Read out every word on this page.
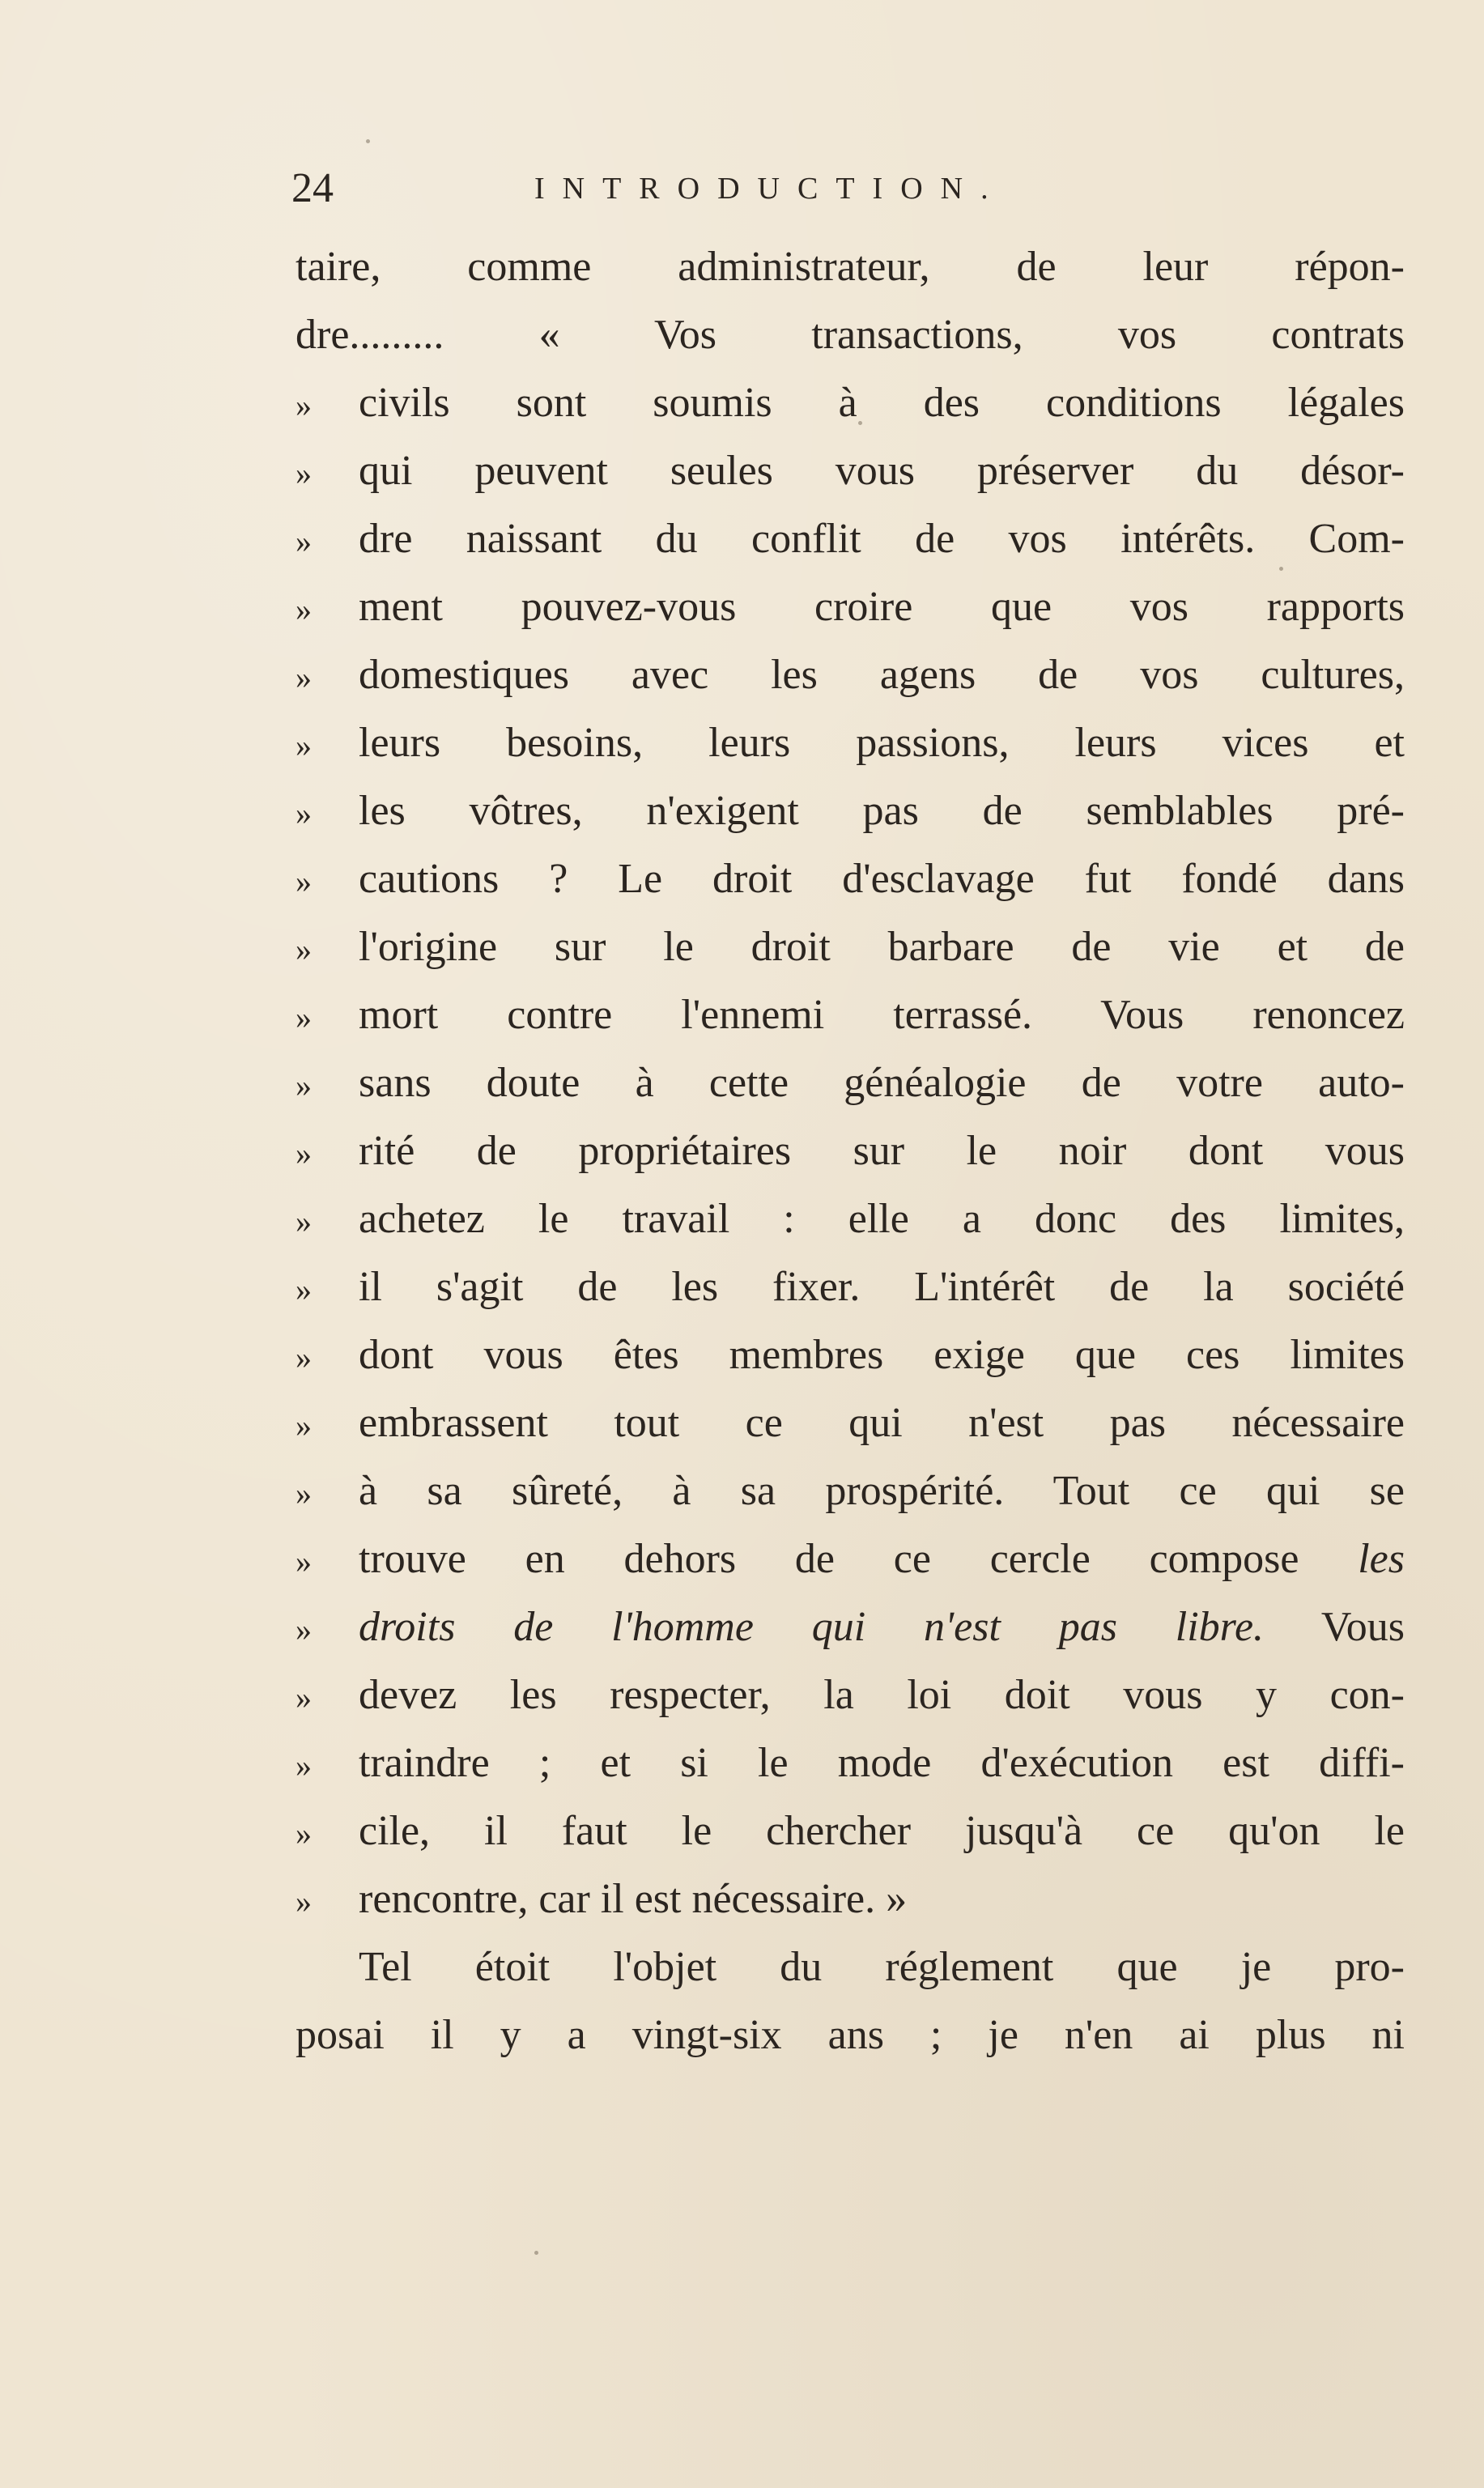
24	INTRODUCTION.
taire, comme administrateur, de leur répon-
dre......... « Vos transactions, vos contrats
»	civils sont soumis à des conditions légales
»	qui peuvent seules vous préserver du désor-
»	dre naissant du conflit de vos intérêts. Com-
»	ment pouvez-vous croire que vos rapports
»	domestiques avec les agens de vos cultures,
»	leurs besoins, leurs passions, leurs vices et
»	les vôtres, n'exigent pas de semblables pré-
»	cautions ? Le droit d'esclavage fut fondé dans
»	l'origine sur le droit barbare de vie et de
»	mort contre l'ennemi terrassé. Vous renoncez
»	sans doute à cette généalogie de votre auto-
»	rité de propriétaires sur le noir dont vous
»	achetez le travail : elle a donc des limites,
»	il s'agit de les fixer. L'intérêt de la société
»	dont vous êtes membres exige que ces limites
»	embrassent tout ce qui n'est pas nécessaire
»	à sa sûreté, à sa prospérité. Tout ce qui se
»	trouve en dehors de ce cercle compose les
»	droits de l'homme qui n'est pas libre. Vous
»	devez les respecter, la loi doit vous y con-
»	traindre ; et si le mode d'exécution est diffi-
»	cile, il faut le chercher jusqu'à ce qu'on le
»	rencontre, car il est nécessaire. »
Tel étoit l'objet du réglement que je pro-
posai il y a vingt-six ans ; je n'en ai plus ni
